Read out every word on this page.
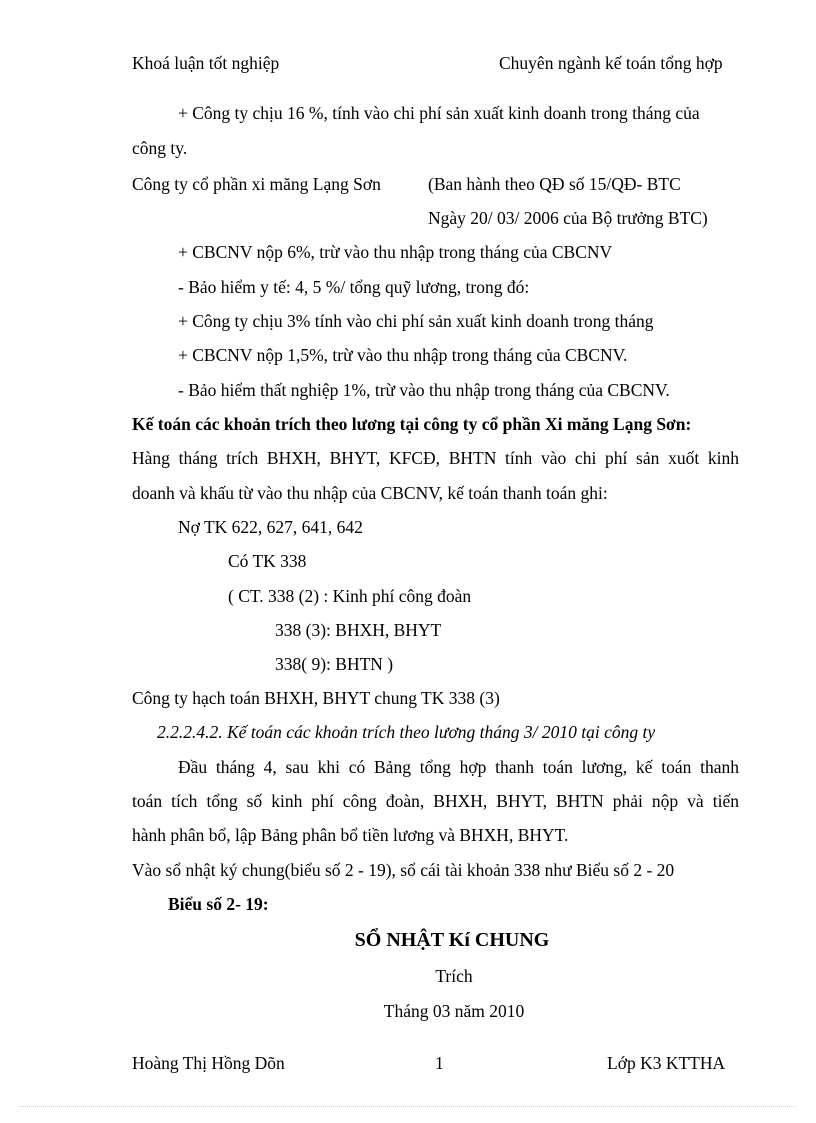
Khoá luận tốt nghiệp	Chuyên ngành kế toán tổng hợp
+ Công ty chịu 16 %, tính vào chi phí sản xuất kinh doanh trong tháng của
công ty.
Công ty cổ phần xi măng Lạng Sơn	(Ban hành theo QĐ số 15/QĐ- BTC
Ngày 20/ 03/ 2006 của Bộ trưởng BTC)
+ CBCNV nộp 6%, trừ vào thu nhập trong tháng của CBCNV
- Bảo hiểm y tế: 4, 5 %/ tổng quỹ lương, trong đó:
+ Công ty chịu 3% tính vào chi phí sản xuất kinh doanh trong tháng
+ CBCNV nộp 1,5%, trừ vào thu nhập trong tháng của CBCNV.
- Bảo hiểm thất nghiệp 1%, trừ vào thu nhập trong tháng của CBCNV.
Kế toán các khoản trích theo lương tại công ty cổ phần Xi măng Lạng Sơn:
Hàng tháng trích BHXH, BHYT, KFCĐ, BHTN tính vào chi phí sản xuốt kinh
doanh và khấu từ vào thu nhập của CBCNV, kế toán thanh toán ghi:
Nợ TK 622, 627, 641, 642
Có TK 338
( CT. 338 (2) : Kinh phí công đoàn
338 (3): BHXH, BHYT
338( 9): BHTN )
Công ty hạch toán BHXH, BHYT chung TK 338 (3)
2.2.2.4.2. Kế toán các khoản trích theo lương tháng 3/ 2010 tại công ty
Đầu tháng 4, sau khi có Bảng tổng hợp thanh toán lương, kế toán thanh
toán tích tổng số kinh phí công đoàn, BHXH, BHYT, BHTN phải nộp và tiến
hành phân bổ, lập Bảng phân bổ tiền lương và BHXH, BHYT.
Vào sổ nhật ký chung(biểu số 2 - 19), sổ cái tài khoản 338 như Biểu số 2 - 20
Biểu số 2- 19:
SỔ NHẬT Kí CHUNG
Trích
Tháng 03 năm 2010
Hoàng Thị Hồng Dõn	1	Lớp K3 KTTHA
